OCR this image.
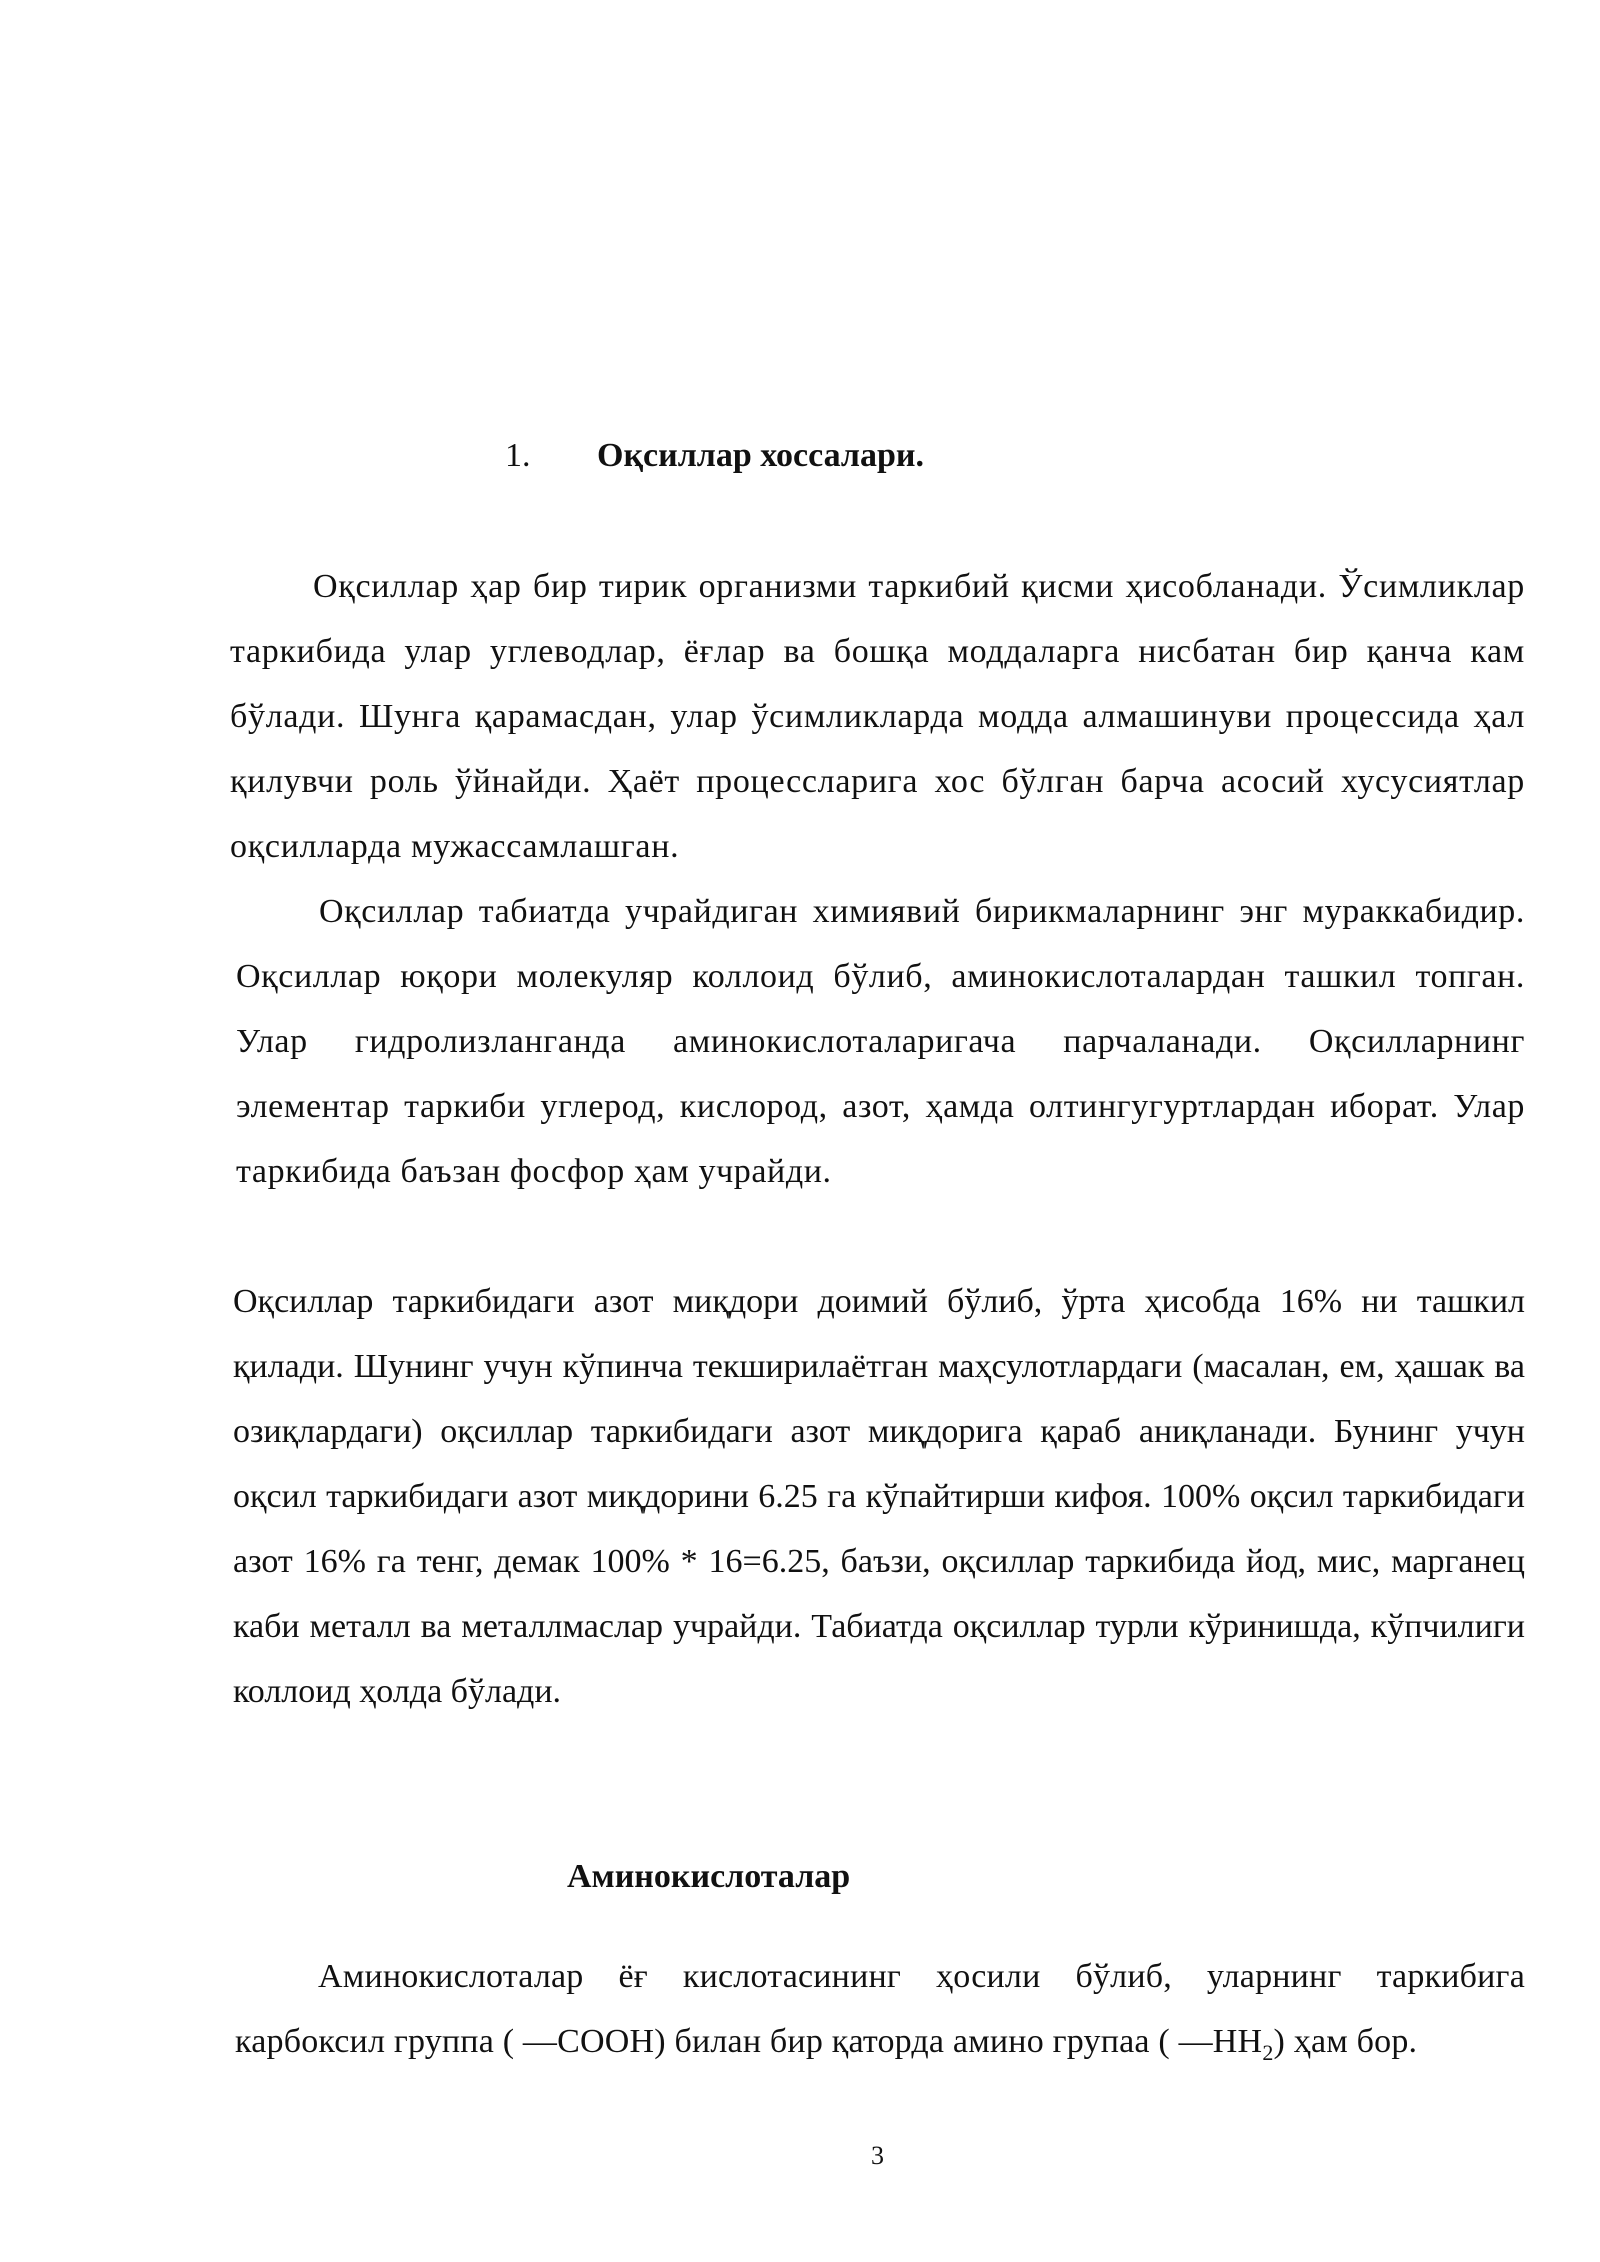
1. Оқсиллар хоссалари.

Оқсиллар ҳар бир тирик организми таркибий қисми ҳисобланади. Ўсимликлар таркибида улар углеводлар, ёғлар ва бошқа моддаларга нисбатан бир қанча кам бўлади. Шунга қарамасдан, улар ўсимликларда модда алмашинуви процессида ҳал қилувчи роль ўйнайди. Ҳаёт процессларига хос бўлган барча асосий хусусиятлар оқсилларда мужассамлашган.

Оқсиллар табиатда учрайдиган химиявий бирикмаларнинг энг мураккабидир. Оқсиллар юқори молекуляр коллоид бўлиб, аминокислоталардан ташкил топган. Улар гидролизланганда аминокислоталаригача парчаланади. Оқсилларнинг элементар таркиби углерод, кислород, азот, ҳамда олтингугуртлардан иборат. Улар таркибида баъзан фосфор ҳам учрайди.

Оқсиллар таркибидаги азот миқдори доимий бўлиб, ўрта ҳисобда 16% ни ташкил қилади. Шунинг учун кўпинча текширилаётган маҳсулотлардаги (масалан, ем, ҳашак ва озиқлардаги) оқсиллар таркибидаги азот миқдорига қараб аниқланади. Бунинг учун оқсил таркибидаги азот миқдорини 6.25 га кўпайтирши кифоя. 100% оқсил таркибидаги азот 16% га тенг, демак 100% * 16=6.25, баъзи, оқсиллар таркибида йод, мис, марганец каби металл ва металлмаслар учрайди. Табиатда оқсиллар турли кўринишда, кўпчилиги коллоид ҳолда бўлади.

Аминокислоталар

Аминокислоталар ёғ кислотасининг ҳосили бўлиб, уларнинг таркибига карбоксил группа ( —СООН) билан бир қаторда амино групаа ( $—НН_2$) ҳам бор.

3
